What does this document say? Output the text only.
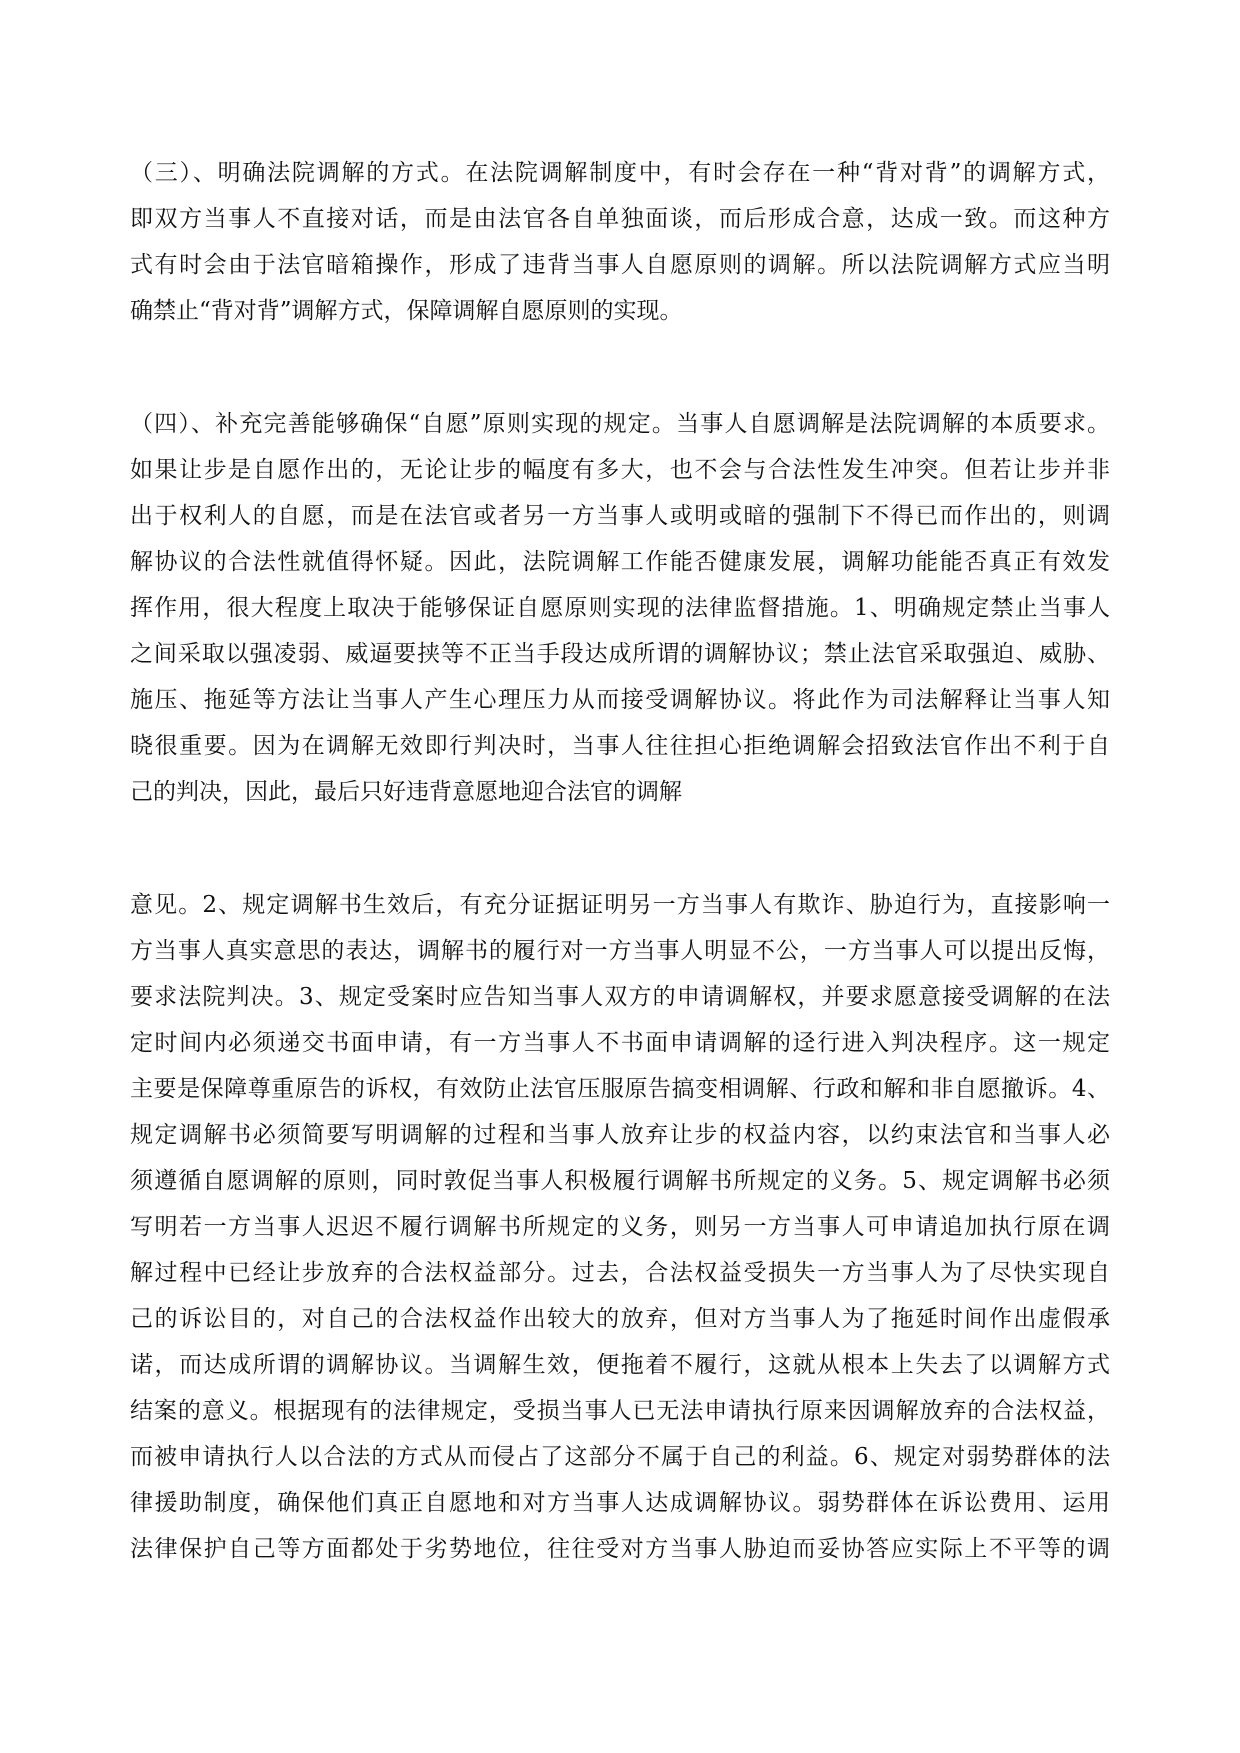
（三）、明确法院调解的方式。在法院调解制度中，有时会存在一种“背对背”的调解方式，
即双方当事人不直接对话，而是由法官各自单独面谈，而后形成合意，达成一致。而这种方
式有时会由于法官暗箱操作，形成了违背当事人自愿原则的调解。所以法院调解方式应当明
确禁止“背对背”调解方式，保障调解自愿原则的实现。
（四）、补充完善能够确保“自愿”原则实现的规定。当事人自愿调解是法院调解的本质要求。
如果让步是自愿作出的，无论让步的幅度有多大，也不会与合法性发生冲突。但若让步并非
出于权利人的自愿，而是在法官或者另一方当事人或明或暗的强制下不得已而作出的，则调
解协议的合法性就值得怀疑。因此，法院调解工作能否健康发展，调解功能能否真正有效发
挥作用，很大程度上取决于能够保证自愿原则实现的法律监督措施。1、明确规定禁止当事人
之间采取以强凌弱、威逼要挟等不正当手段达成所谓的调解协议；禁止法官采取强迫、威胁、
施压、拖延等方法让当事人产生心理压力从而接受调解协议。将此作为司法解释让当事人知
晓很重要。因为在调解无效即行判决时，当事人往往担心拒绝调解会招致法官作出不利于自
己的判决，因此，最后只好违背意愿地迎合法官的调解
意见。2、规定调解书生效后，有充分证据证明另一方当事人有欺诈、胁迫行为，直接影响一
方当事人真实意思的表达，调解书的履行对一方当事人明显不公，一方当事人可以提出反悔，
要求法院判决。3、规定受案时应告知当事人双方的申请调解权，并要求愿意接受调解的在法
定时间内必须递交书面申请，有一方当事人不书面申请调解的迳行进入判决程序。这一规定
主要是保障尊重原告的诉权，有效防止法官压服原告搞变相调解、行政和解和非自愿撤诉。4、
规定调解书必须简要写明调解的过程和当事人放弃让步的权益内容，以约束法官和当事人必
须遵循自愿调解的原则，同时敦促当事人积极履行调解书所规定的义务。5、规定调解书必须
写明若一方当事人迟迟不履行调解书所规定的义务，则另一方当事人可申请追加执行原在调
解过程中已经让步放弃的合法权益部分。过去，合法权益受损失一方当事人为了尽快实现自
己的诉讼目的，对自己的合法权益作出较大的放弃，但对方当事人为了拖延时间作出虚假承
诺，而达成所谓的调解协议。当调解生效，便拖着不履行，这就从根本上失去了以调解方式
结案的意义。根据现有的法律规定，受损当事人已无法申请执行原来因调解放弃的合法权益，
而被申请执行人以合法的方式从而侵占了这部分不属于自己的利益。6、规定对弱势群体的法
律援助制度，确保他们真正自愿地和对方当事人达成调解协议。弱势群体在诉讼费用、运用
法律保护自己等方面都处于劣势地位，往往受对方当事人胁迫而妥协答应实际上不平等的调
